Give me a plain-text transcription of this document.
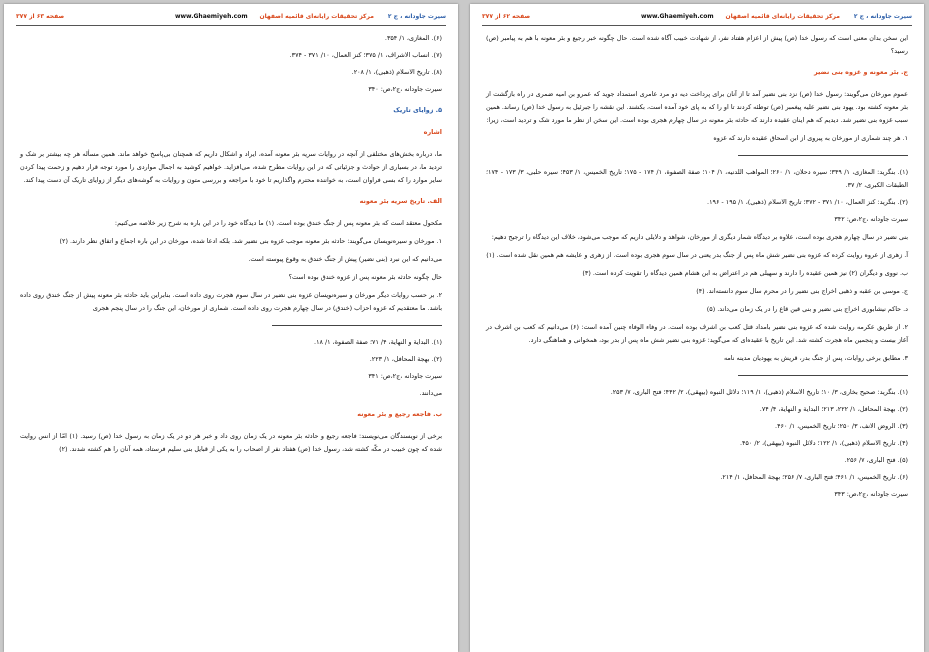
سیرت جاودانه ، ج ۲ مرکز تحقیقات رایانه‌ای قائمیه اصفهان www.Ghaemiyeh.com
صفحه ۶۳ از ۳۷۷

(۶). المغازی، ۱/ ۳۵۴.

(۷). انساب الاشراف، ۱/ ۳۷۵؛ کنز العمال، ۱۰/ ۳۷۱ - ۳۷۴.

(۸). تاریخ الاسلام (ذهبی)، ۱/ ۲۰۸.

سیرت جاودانه ،ج۲،ص: ۳۴۰

۵. زوایای تاریک
اشاره

ما، درباره بخش‌های مختلفی از آنچه در روایات سریه بئر معونه آمده، ایراد و اشکال داریم که همچنان بی‌پاسخ خواهد ماند. همین مسأله هر چه بیشتر بر شک و تردید ما، در بسیاری از حوادث و جزئیاتی که در این روایات مطرح شده، می‌افزاید. خواهیم کوشید به اجمال مواردی را مورد توجه قرار دهیم و زحمت پیدا کردن سایر موارد را که بسی فراوان است، به خواننده محترم واگذاریم تا خود با مراجعه و بررسی متون و روایات به گوشه‌های دیگر از زوایای تاریک آن دست پیدا کند.

الف. تاریخ سریه بئر معونه

مکحول معتقد است که بئر معونه پس از جنگ خندق بوده است. (۱) ما دیدگاه خود را در این باره به شرح زیر خلاصه می‌کنیم:

۱. مورخان و سیره‌نویسان می‌گویند: حادثه بئر معونه موجب غزوه بنی نضیر شد. بلکه ادعا شده، مورخان در این باره اجماع و اتفاق نظر دارند. (۲)

می‌دانیم که این نبرد (بنی نضیر) پیش از جنگ خندق به وقوع پیوسته است.

حال چگونه حادثه بئر معونه پس از غزوه خندق بوده است؟

۲. بر حسب روایات دیگر مورخان و سیره‌نویسان غزوه بنی نضیر در سال سوم هجرت روی داده است. بنابراین باید حادثه بئر معونه پیش از جنگ خندق روی داده باشد. ما معتقدیم که غزوه احزاب (خندق) در سال چهارم هجرت روی داده است. شماری از مورخان، این جنگ را در سال پنجم هجری

(۱). البدایة و النهایة، ۴/ ۷۱؛ صفة الصفوة، ۱/ ۱۸.

(۲). بهجة المحافل، ۱/ ۲۲۳.

سیرت جاودانه ،ج۲،ص: ۳۴۱

می‌دانند.

ب. فاجعه رجیع و بئر معونه

برخی از نویسندگان می‌نویسند: فاجعه رجیع و حادثه بئر معونه در یک زمان روی داد و خبر هر دو در یک زمان به رسول خدا (ص) رسید. (۱) امّا از انس روایت شده که چون خبیب در مکّه کشته شد، رسول خدا (ص) هفتاد نفر از اصحاب را به یکی از قبایل بنی سلیم فرستاد، همه آنان را هم کشته شدند. (۲)

سیرت جاودانه ، ج ۲ مرکز تحقیقات رایانه‌ای قائمیه اصفهان www.Ghaemiyeh.com
صفحه ۶۲ از ۳۷۷

این سخن بدان معنی است که رسول خدا (ص) پیش از اعزام هفتاد نفر، از شهادت خبیب آگاه شده است. حال چگونه خبر رجیع و بئر معونه با هم به پیامبر (ص) رسید؟

ج. بئر معونه و غزوه بنی نضیر

عموم مورخان می‌گویند: رسول خدا (ص) نزد بنی نضیر آمد تا از آنان برای پرداخت دیه دو مرد عامری استمداد جوید که عمرو بن امیه ضمری در راه بازگشت از بئر معونه کشته بود. یهود بنی نضیر علیه پیغمبر (ص) توطئه کردند تا او را که به پای خود آمده است، بکشند. این نقشه را جبرئیل به رسول خدا (ص) رساند. همین سبب غزوه بنی نضیر شد. دیدیم که هم اینان عقیده دارند که حادثه بئر معونه در سال چهارم هجری بوده است. این سخن از نظر ما مورد شک و تردید است، زیرا:

۱. هر چند شماری از مورخان به پیروی از ابن اسحاق عقیده دارند که غزوه

(۱). بنگرید: المغازی، ۱/ ۳۴۹؛ سیره دحلان، ۱/ ۲۶۰؛ المواهب اللدنیه، ۱/ ۱۰۴؛ صفة الصفوة، ۱/ ۱۷۴ - ۱۷۵؛ تاریخ الخمیس، ۱/ ۴۵۳؛ سیره حلبی، ۳/ ۱۷۳ - ۱۷۴؛ الطبقات الکبری، ۲/ ۳۷.

(۲). بنگرید: کنز العمال، ۱۰/ ۳۷۱ - ۳۷۲؛ تاریخ الاسلام (ذهبی)، ۱/ ۱۹۵ - ۱۹۶.

سیرت جاودانه ،ج۲،ص: ۳۴۲

بنی نضیر در سال چهارم هجری بوده است، علاوه بر دیدگاه شمار دیگری از مورخان، شواهد و دلایلی داریم که موجب می‌شود، خلاف این دیدگاه را ترجیح دهیم:

آ. زهری از عروه روایت کرده که غزوه بنی نضیر شش ماه پس از جنگ بدر یعنی در سال سوم هجری بوده است. از زهری و عایشه هم همین نقل شده است. (۱)

ب. نووی و دیگران (۲) نیز همین عقیده را دارند و سهیلی هم در اعتراض به ابن هشام همین دیدگاه را تقویت کرده است. (۳)

ج. موسی بن عقبه و ذهبی اخراج بنی نضیر را در محرم سال سوم دانسته‌اند. (۴)

د. حاکم نیشابوری اخراج بنی نضیر و بنی قین قاع را در یک زمان می‌داند. (۵)

۲. از طریق عکرمه روایت شده که غزوه بنی نضیر بامداد قتل کعب بن اشرف بوده است. در وفاء الوفاء چنین آمده است: (۶) می‌دانیم که کعب بن اشرف در آغاز بیست و پنجمین ماه هجرت کشته شد. این تاریخ با عقیده‌ای که می‌گوید: غزوه بنی نضیر شش ماه پس از بدر بود، همخوانی و هماهنگی دارد.

۳. مطابق برخی روایات، پس از جنگ بدر، قریش به یهودیان مدینه نامه

(۱). بنگرید: صحیح بخاری، ۳/ ۱۰؛ تاریخ الاسلام (ذهبی)، ۱/ ۱۱۹؛ دلائل النبوه (بیهقی)، ۲/ ۴۴۲؛ فتح الباری، ۷/ ۲۵۳.

(۲). بهجة المحافل، ۱/ ۲۲۲، ۲۱۳؛ البدایة و النهایة، ۴/ ۷۴.

(۳). الروض الانف، ۳/ ۲۵۰؛ تاریخ الخمیس، ۱/ ۴۶۰.

(۴). تاریخ الاسلام (ذهبی)، ۱/ ۱۲۲؛ دلائل النبوه (بیهقی)، ۲/ ۴۵۰.

(۵). فتح الباری، ۷/ ۲۵۶.

(۶). تاریخ الخمیس، ۱/ ۴۶۱؛ فتح الباری، ۷/ ۲۵۶؛ بهجة المحافل، ۱/ ۲۱۴.

سیرت جاودانه ،ج۲،ص: ۳۴۳
